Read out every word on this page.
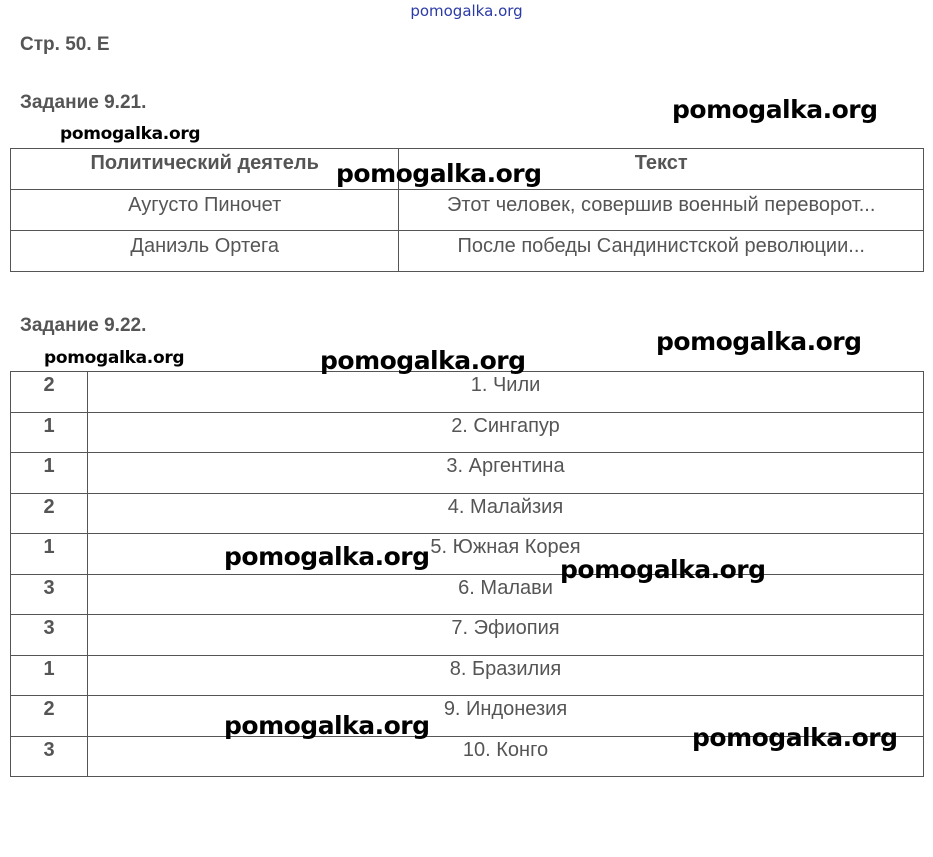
pomogalka.org
Стр. 50. Е
Задание 9.21.
Политический деятель	Текст
Аугусто Пиночет	Этот человек, совершив военный переворот...
Даниэль Ортега	После победы Сандинистской революции...
Задание 9.22.
2	1. Чили
1	2. Сингапур
1	3. Аргентина
2	4. Малайзия
1	5. Южная Корея
3	6. Малави
3	7. Эфиопия
1	8. Бразилия
2	9. Индонезия
3	10. Конго
pomogalka.org
pomogalka.org
pomogalka.org
pomogalka.org
pomogalka.org	pomogalka.org
pomogalka.org	pomogalka.org
pomogalka.org	pomogalka.org
